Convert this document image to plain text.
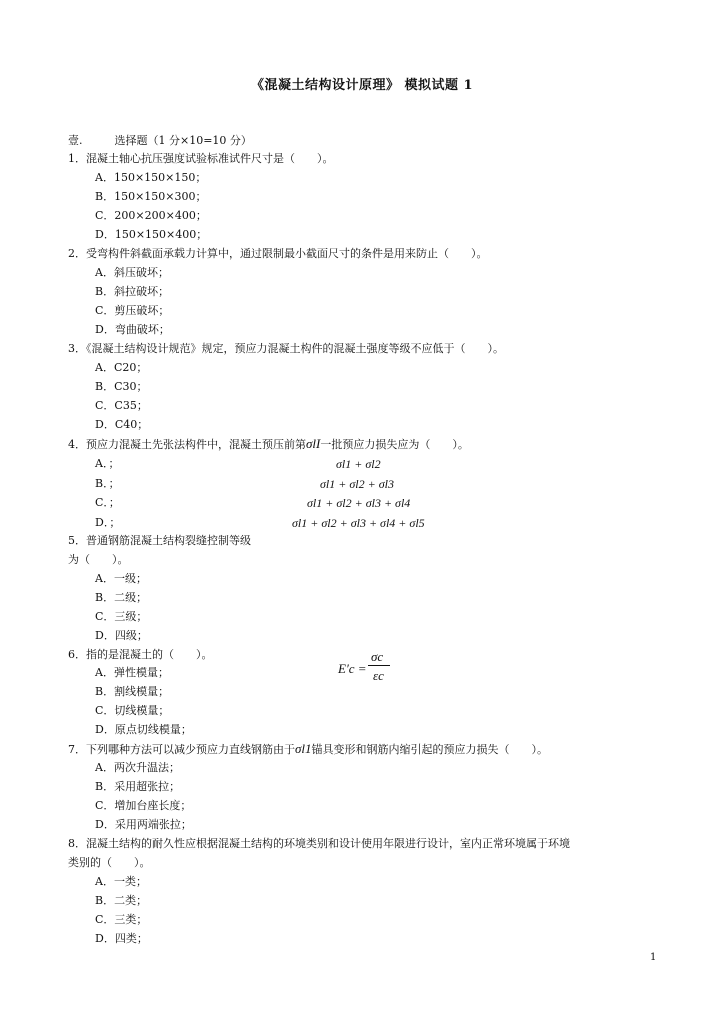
《混凝土结构设计原理》 模拟试题 1
壹.	选择题（1 分×10=10 分）
1．混凝土轴心抗压强度试验标准试件尺寸是（　　）。
A．150×150×150；
B．150×150×300；
C．200×200×400；
D．150×150×400；
2．受弯构件斜截面承载力计算中，通过限制最小截面尺寸的条件是用来防止（　　）。
A．斜压破坏；
B．斜拉破坏；
C．剪压破坏；
D．弯曲破坏；
3．《混凝土结构设计规范》规定，预应力混凝土构件的混凝土强度等级不应低于（　　）。
A．C20；
B．C30；
C．C35；
D．C40；
4．预应力混凝土先张法构件中，混凝土预压前第σlI一批预应力损失应为（　　）。
A．；	σl1 + σl2
B．；	σl1 + σl2 + σl3
C．；	σl1 + σl2 + σl3 + σl4
D．；	σl1 + σl2 + σl3 + σl4 + σl5
5．普通钢筋混凝土结构裂缝控制等级
为（　　）。
A．一级；
B．二级；
C．三级；
D．四级；
6．指的是混凝土的（　　）。
E′c =
σc
εc
A．弹性模量；
B．割线模量；
C．切线模量；
D．原点切线模量；
7．下列哪种方法可以减少预应力直线钢筋由于σl1锚具变形和钢筋内缩引起的预应力损失（　　）。
A．两次升温法；
B．采用超张拉；
C．增加台座长度；
D．采用两端张拉；
8．混凝土结构的耐久性应根据混凝土结构的环境类别和设计使用年限进行设计，室内正常环境属于环境
类别的（　　）。
A．一类；
B．二类；
C．三类；
D．四类；
1
